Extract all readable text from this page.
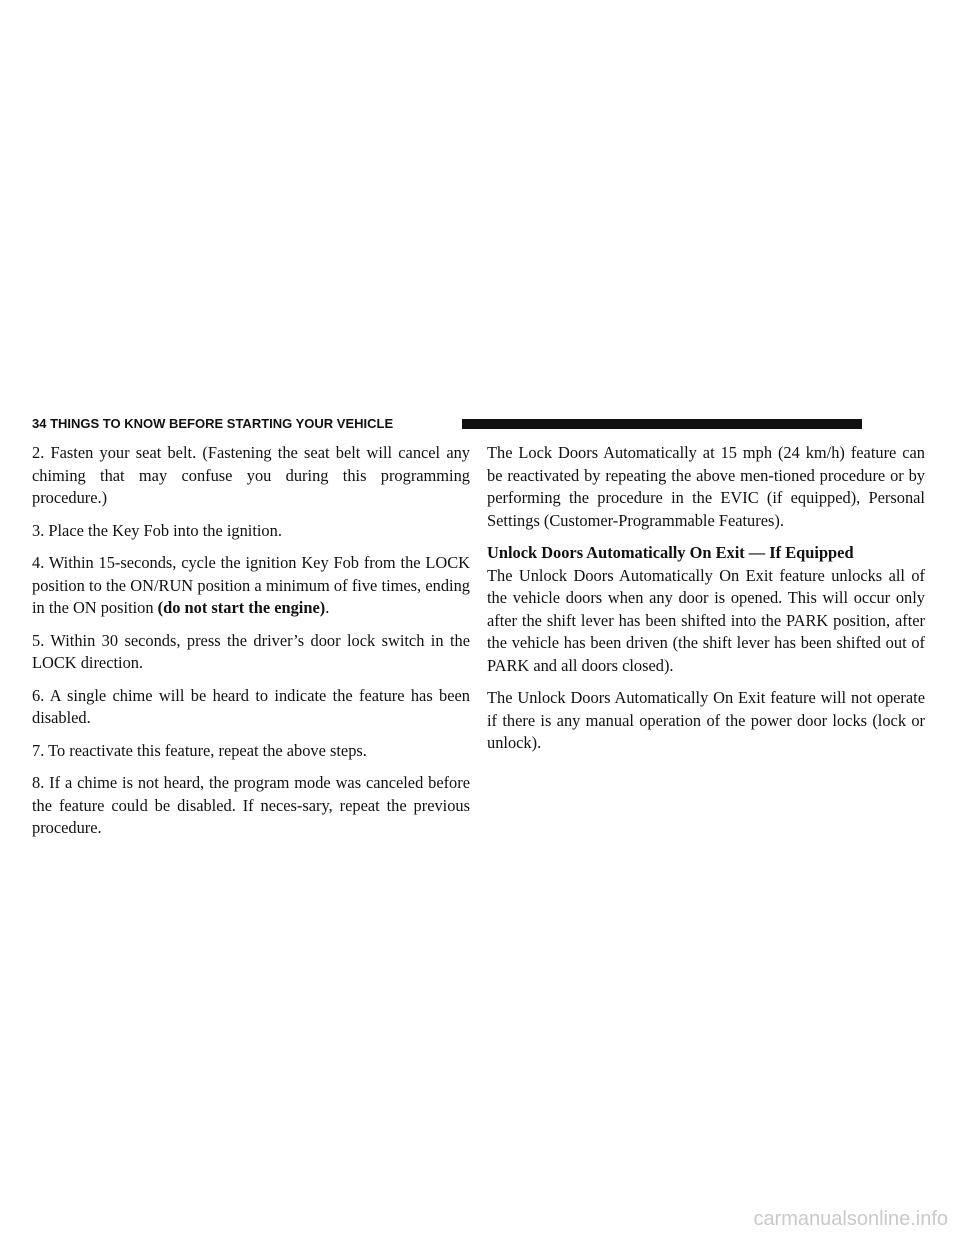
34 THINGS TO KNOW BEFORE STARTING YOUR VEHICLE

2. Fasten your seat belt. (Fastening the seat belt will cancel any chiming that may confuse you during this programming procedure.)

3. Place the Key Fob into the ignition.

4. Within 15-seconds, cycle the ignition Key Fob from the LOCK position to the ON/RUN position a minimum of five times, ending in the ON position (do not start the engine).

5. Within 30 seconds, press the driver’s door lock switch in the LOCK direction.

6. A single chime will be heard to indicate the feature has been disabled.

7. To reactivate this feature, repeat the above steps.

8. If a chime is not heard, the program mode was canceled before the feature could be disabled. If neces-sary, repeat the previous procedure.

The Lock Doors Automatically at 15 mph (24 km/h) feature can be reactivated by repeating the above men-tioned procedure or by performing the procedure in the EVIC (if equipped), Personal Settings (Customer-Programmable Features).

Unlock Doors Automatically On Exit — If Equipped

The Unlock Doors Automatically On Exit feature unlocks all of the vehicle doors when any door is opened. This will occur only after the shift lever has been shifted into the PARK position, after the vehicle has been driven (the shift lever has been shifted out of PARK and all doors closed).

The Unlock Doors Automatically On Exit feature will not operate if there is any manual operation of the power door locks (lock or unlock).

carmanualsonline.info
